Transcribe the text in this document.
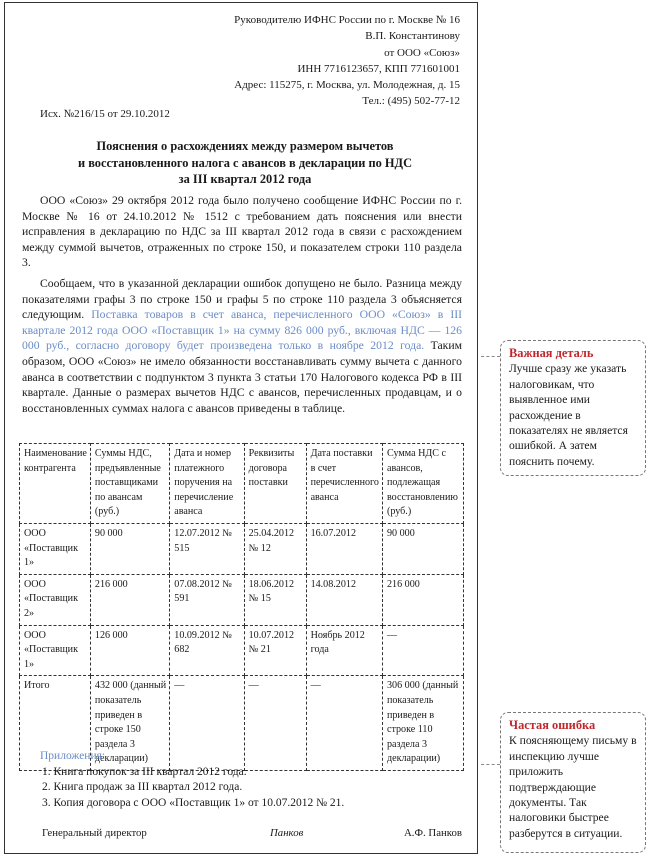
Руководителю ИФНС России по г. Москве № 16
В.П. Константинову
от ООО «Союз»
ИНН 7716123657, КПП 771601001
Адрес: 115275, г. Москва, ул. Молодежная, д. 15
Тел.: (495) 502-77-12
Исх. №216/15 от 29.10.2012
Пояснения о расхождениях между размером вычетов
и восстановленного налога с авансов в декларации по НДС
за III квартал 2012 года

ООО «Союз» 29 октября 2012 года было получено сообщение ИФНС России по г. Москве № 16 от 24.10.2012 № 1512 с требованием дать пояснения или внести исправления в декларацию по НДС за III квартал 2012 года в связи с расхождением между суммой вычетов, отраженных по строке 150, и показателем строки 110 раздела 3.

Сообщаем, что в указанной декларации ошибок допущено не было. Разница между показателями графы 3 по строке 150 и графы 5 по строке 110 раздела 3 объясняется следующим. Поставка товаров в счет аванса, перечисленного ООО «Союз» в III квартале 2012 года ООО «Поставщик 1» на сумму 826 000 руб., включая НДС — 126 000 руб., согласно договору будет произведена только в ноябре 2012 года. Таким образом, ООО «Союз» не имело обязанности восстанавливать сумму вычета с данного аванса в соответствии с подпунктом 3 пункта 3 статьи 170 Налогового кодекса РФ в III квартале. Данные о размерах вычетов НДС с авансов, перечисленных продавцам, и о восстановленных суммах налога с авансов приведены в таблице.

Наименование контрагента	Суммы НДС, предъявленные поставщиками по авансам (руб.)	Дата и номер платежного поручения на перечисление аванса	Реквизиты договора поставки	Дата поставки в счет перечисленного аванса	Сумма НДС с авансов, подлежащая восстановлению (руб.)
ООО «Поставщик 1»	90 000	12.07.2012 № 515	25.04.2012 № 12	16.07.2012	90 000
ООО «Поставщик 2»	216 000	07.08.2012 № 591	18.06.2012 № 15	14.08.2012	216 000
ООО «Поставщик 1»	126 000	10.09.2012 № 682	10.07.2012 № 21	Ноябрь 2012 года	—
Итого	432 000 (данный показатель приведен в строке 150 раздела 3 декларации)	—	—	—	306 000 (данный показатель приведен в строке 110 раздела 3 декларации)
Приложения:
1. Книга покупок за III квартал 2012 года.
2. Книга продаж за III квартал 2012 года.
3. Копия договора с ООО «Поставщик 1» от 10.07.2012 № 21.
Генеральный директор	Панков	А.Ф. Панков
Важная деталь
Лучше сразу же указать налоговикам, что выявленное ими расхождение в показателях не является ошибкой. А затем пояснить почему.
Частая ошибка
К поясняющему письму в инспекцию лучше приложить подтверждающие документы. Так налоговики быстрее разберутся в ситуации.
